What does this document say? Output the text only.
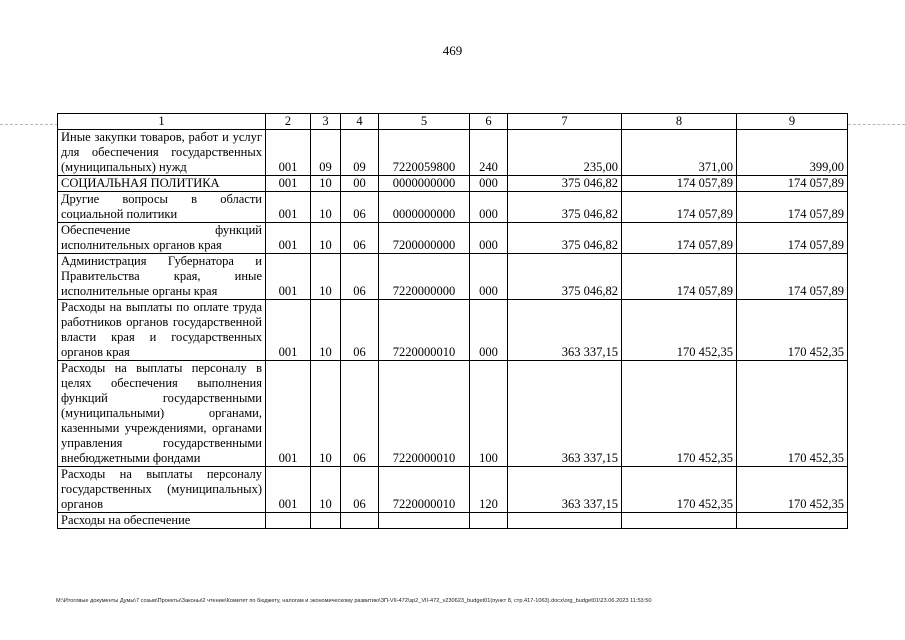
469
1	2	3	4	5	6	7	8	9
Иные закупки товаров, работ и услуг для обеспечения государственных (муниципальных) нужд	001	09	09	7220059800	240	235,00	371,00	399,00
СОЦИАЛЬНАЯ ПОЛИТИКА	001	10	00	0000000000	000	375 046,82	174 057,89	174 057,89
Другие вопросы в области социальной политики	001	10	06	0000000000	000	375 046,82	174 057,89	174 057,89
Обеспечение функций исполнительных органов края	001	10	06	7200000000	000	375 046,82	174 057,89	174 057,89
Администрация Губернатора и Правительства края, иные исполнительные органы края	001	10	06	7220000000	000	375 046,82	174 057,89	174 057,89
Расходы на выплаты по оплате труда работников органов государственной власти края и государственных органов края	001	10	06	7220000010	000	363 337,15	170 452,35	170 452,35
Расходы на выплаты персоналу в целях обеспечения выполнения функций государственными (муниципальными) органами, казенными учреждениями, органами управления государственными внебюджетными фондами	001	10	06	7220000010	100	363 337,15	170 452,35	170 452,35
Расходы на выплаты персоналу государственных (муниципальных) органов	001	10	06	7220000010	120	363 337,15	170 452,35	170 452,35
Расходы на обеспечение								
M:\Итоговые документы Думы\7 созыв\Проекты\Законы\2 чтение\Комитет по бюджету, налогам и экономическому развитию\ЗП-VII-472\зр2_VII-472_v230623_budget01(пункт 8, стр.417-1063).docx\org_budget01\23.06.2023 11:53:50
